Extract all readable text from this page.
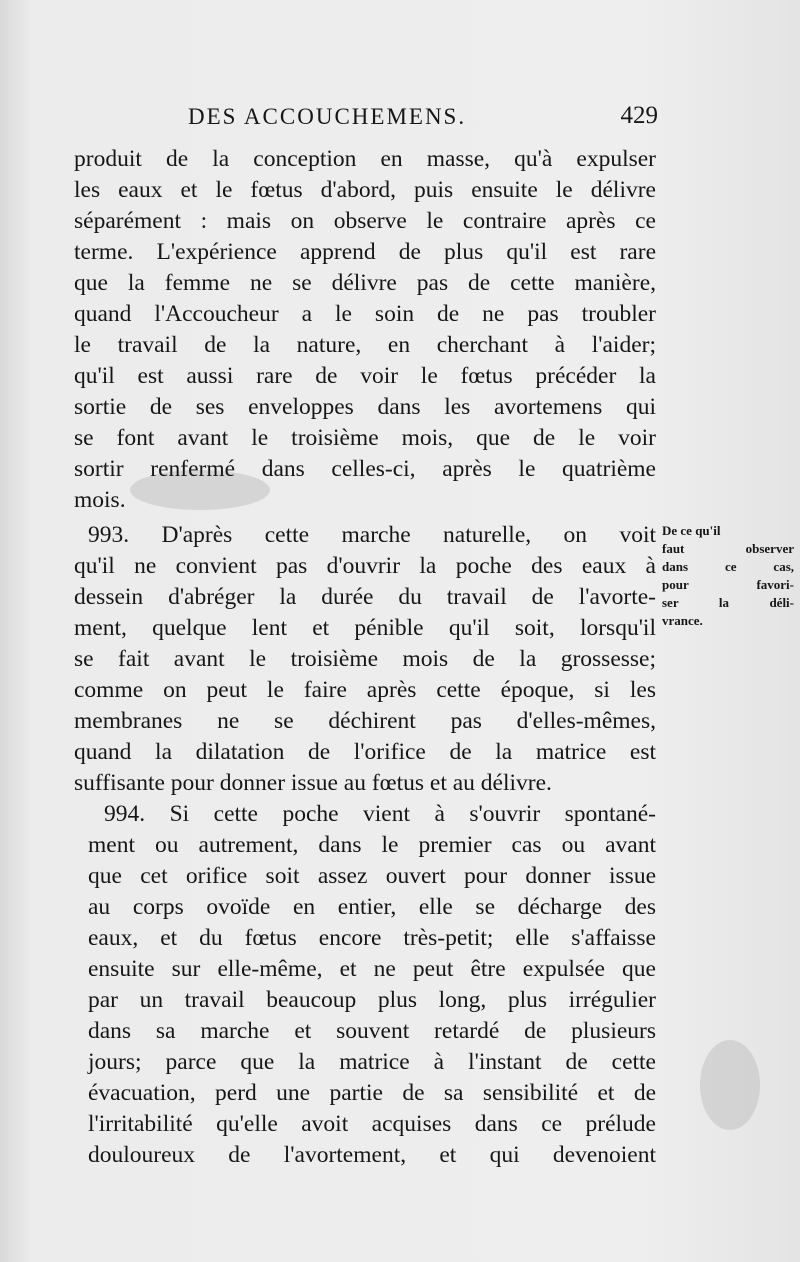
DES ACCOUCHEMENS.	429
produit de la conception en masse, qu'à expulser
les eaux et le fœtus d'abord, puis ensuite le délivre
séparément : mais on observe le contraire après ce
terme. L'expérience apprend de plus qu'il est rare
que la femme ne se délivre pas de cette manière,
quand l'Accoucheur a le soin de ne pas troubler
le travail de la nature, en cherchant à l'aider;
qu'il est aussi rare de voir le fœtus précéder la
sortie de ses enveloppes dans les avortemens qui
se font avant le troisième mois, que de le voir
sortir renfermé dans celles-ci, après le quatrième
mois.
993. D'après cette marche naturelle, on voit
qu'il ne convient pas d'ouvrir la poche des eaux à
dessein d'abréger la durée du travail de l'avorte-
ment, quelque lent et pénible qu'il soit, lorsqu'il
se fait avant le troisième mois de la grossesse;
comme on peut le faire après cette époque, si les
membranes ne se déchirent pas d'elles-mêmes,
quand la dilatation de l'orifice de la matrice est
suffisante pour donner issue au fœtus et au délivre.
994. Si cette poche vient à s'ouvrir spontané-
ment ou autrement, dans le premier cas ou avant
que cet orifice soit assez ouvert pour donner issue
au corps ovoïde en entier, elle se décharge des
eaux, et du fœtus encore très-petit; elle s'affaisse
ensuite sur elle-même, et ne peut être expulsée que
par un travail beaucoup plus long, plus irrégulier
dans sa marche et souvent retardé de plusieurs
jours; parce que la matrice à l'instant de cette
évacuation, perd une partie de sa sensibilité et de
l'irritabilité qu'elle avoit acquises dans ce prélude
douloureux de l'avortement, et qui devenoient
De ce qu'il
faut observer
dans ce cas,
pour favori-
ser la déli-
vrance.
